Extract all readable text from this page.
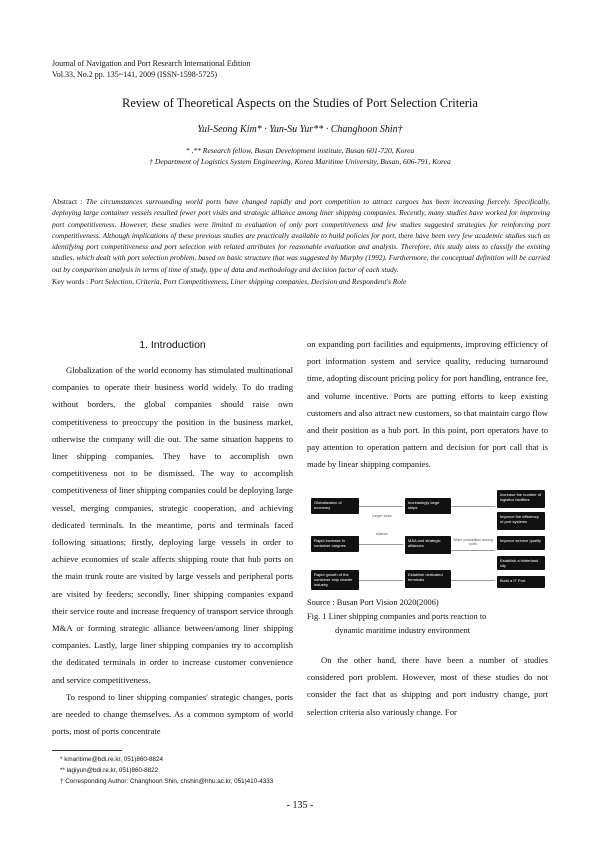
Journal of Navigation and Port Research International Edition
Vol.33, No.2 pp. 135~141, 2009 (ISSN-1598-5725)
Review of Theoretical Aspects on the Studies of Port Selection Criteria
Yul-Seong Kim* · Yun-Su Yur** · Changhoon Shin†
* ,** Research fellow, Busan Development institute, Busan 601-720, Korea
† Department of Logistics System Engineering, Korea Maritime University, Busan, 606-791, Korea
Abstract : The circumstances surrounding world ports have changed rapidly and port competition to attract cargoes has been increasing fiercely. Specifically, deploying large container vessels resulted fewer port visits and strategic alliance among liner shipping companies. Recently, many studies have worked for improving port competitiveness. However, these studies were limited to evaluation of only port competitiveness and few studies suggested strategies for reinforcing port competitiveness. Although implications of these previous studies are practically available to build policies for port, there have been very few academic studies such as identifying port competitiveness and port selection with related attributes for reasonable evaluation and analysis. Therefore, this study aims to classify the existing studies, which dealt with port selection problem, based on basic structure that was suggested by Murphy (1992). Furthermore, the conceptual definition will be carried out by comparison analysis in terms of time of study, type of data and methodology and decision factor of each study.
Key words : Port Selection, Criteria, Port Competitiveness, Liner shipping companies, Decision and Respondent's Role
1. Introduction

Globalization of the world economy has stimulated multinational companies to operate their business world widely. To do trading without borders, the global companies should raise own competitiveness to preoccupy the position in the business market, otherwise the company will die out. The same situation happens to liner shipping companies. They have to accomplish own competitiveness not to be dismissed. The way to accomplish competitiveness of liner shipping companies could be deploying large vessel, merging companies, strategic cooperation, and achieving dedicated terminals. In the meantime, ports and terminals faced following situations; firstly, deploying large vessels in order to achieve economies of scale affects shipping route that hub ports on the main trunk route are visited by large vessels and peripheral ports are visited by feeders; secondly, liner shipping companies expand their service route and increase frequency of transport service through M&A or forming strategic alliance between/among liner shipping companies. Lastly, large liner shipping companies try to accomplish the dedicated terminals in order to increase customer convenience and service competitiveness.

To respond to liner shipping companies' strategic changes, ports are needed to change themselves. As a common symptom of world ports, most of ports concentrate

on expanding port facilities and equipments, improving efficiency of port information system and service quality, reducing turnaround time, adopting discount pricing policy for port handling, entrance fee, and volume incentive. Ports are putting efforts to keep existing customers and also attract new customers, so that maintain cargo flow and their position as a hub port. In this point, port operators have to pay attention to operation pattern and decision for port call that is made by linear shipping companies.

Globalization of economy
Rapid increase in container cargoes
Rapid growth of the container ship charter industry
Larger ships
Alliance
Increasingly large ships
M&A and strategic alliances
Establish dedicated terminals
Wider competition among ports
Increase the number of logistics facilities
Improve the efficiency of port systems
Improve service quality
Establish a hinterland city
Build a IT Port
Source : Busan Port Vision 2020(2006)
Fig. 1 Liner shipping companies and ports reaction to
dynamic maritime industry environment

On the other hand, there have been a number of studies considered port problem. However, most of these studies do not consider the fact that as shipping and port industry change, port selection criteria also variously change. For

* kmaritime@bdi.re.kr, 051)860-8824
** lagiyun@bdi.re.kr, 051)860-8822
† Corresponding Author: Changhoon Shin, chshin@hhu.ac.kr, 051)410-4333
- 135 -
